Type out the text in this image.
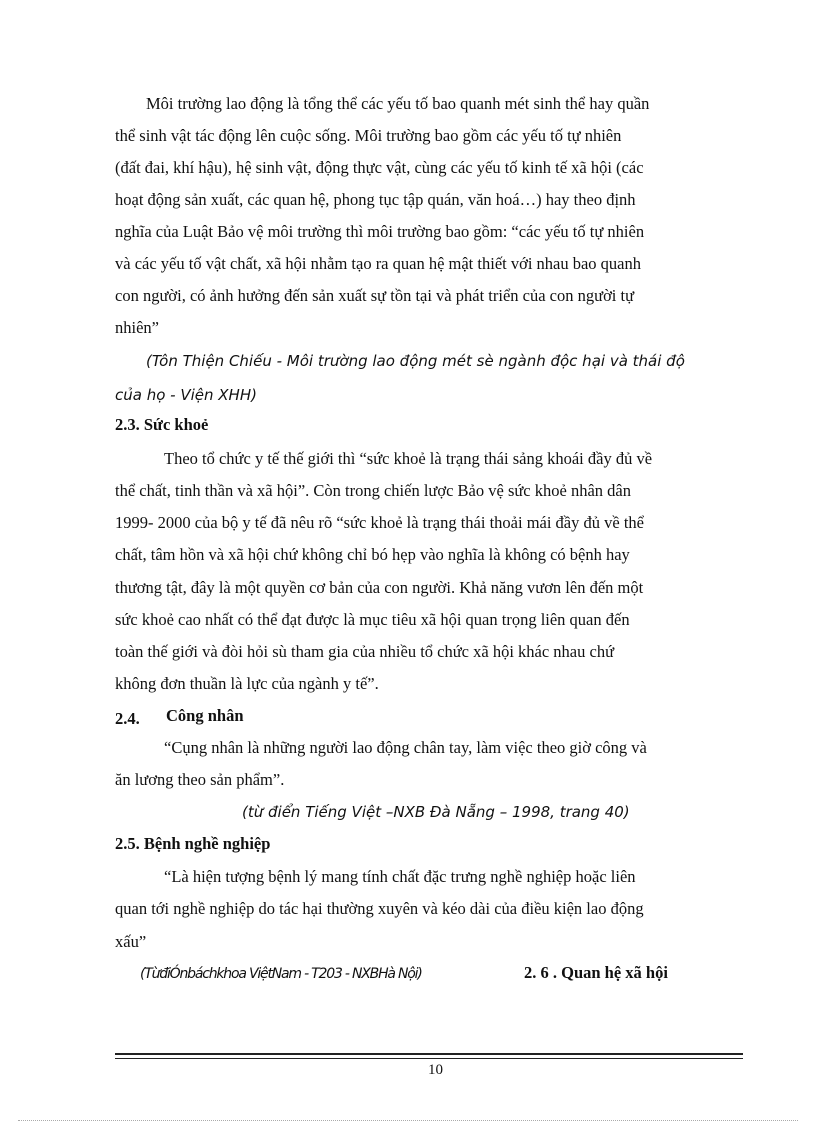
Môi trường lao động là tổng thể các yếu tố bao quanh mét sinh thể hay quần
thể sinh vật tác động lên cuộc sống. Môi trường bao gồm các yếu tố tự nhiên
(đất đai, khí hậu), hệ sinh vật, động thực vật, cùng các yếu tố kinh tế xã hội (các
hoạt động sản xuất, các quan hệ, phong tục tập quán, văn hoá…) hay theo định
nghĩa của Luật Bảo vệ môi trường thì môi trường bao gồm: “các yếu tố tự nhiên
và các yếu tố vật chất, xã hội nhằm tạo ra quan hệ mật thiết với nhau bao quanh
con người, có ảnh hưởng đến sản xuất sự tồn tại và phát triển của con người tự
nhiên”
(Tôn Thiện Chiếu - Môi trường lao động mét sè ngành độc hại và thái độ
của họ - Viện XHH)
2.3. Sức khoẻ
Theo tổ chức y tế thế giới thì “sức khoẻ là trạng thái sảng khoái đầy đủ về
thể chất, tinh thần và xã hội”. Còn trong chiến lược Bảo vệ sức khoẻ nhân dân
1999- 2000 của bộ y tế đã nêu rõ “sức khoẻ là trạng thái thoải mái đầy đủ về thể
chất, tâm hồn và xã hội chứ không chỉ bó hẹp vào nghĩa là không có bệnh hay
thương tật, đây là một quyền cơ bản của con người. Khả năng vươn lên đến một
sức khoẻ cao nhất có thể đạt được là mục tiêu xã hội quan trọng liên quan đến
toàn thế giới và đòi hỏi sù tham gia của nhiều tổ chức xã hội khác nhau chứ
không đơn thuần là lực của ngành y tế”.
2.4. Công nhân
“Cụng nhân là những người lao động chân tay, làm việc theo giờ công và
ăn lương theo sản phẩm”.
(từ điển Tiếng Việt –NXB Đà Nẵng – 1998, trang 40)
2.5. Bệnh nghề nghiệp
“Là hiện tượng bệnh lý mang tính chất đặc trưng nghề nghiệp hoặc liên
quan tới nghề nghiệp do tác hại thường xuyên và kéo dài của điều kiện lao động
xấu”
(TừđiÓnbáchkhoa ViệtNam - T203 - NXBHà Nội)	2. 6 . Quan hệ xã hội
10
